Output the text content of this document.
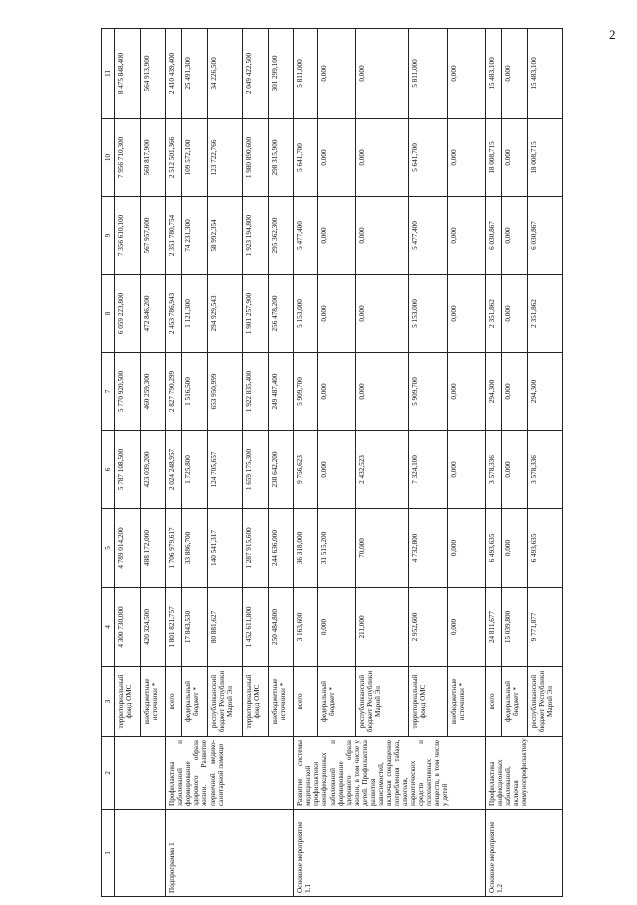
2
1	2	3	4	5	6	7	8	9	10	11
		территориальный фонд ОМС	4 300 730,000	4 789 014,200	5 787 108,500	5 770 920,500	6 059 223,800	7 356 610,100	7 956 710,300	8 475 848,400
		внебюджетные источники *	420 324,500	488 172,000	423 039,200	460 259,300	472 846,200	567 957,600	560 817,900	564 913,900
Подпрограмма 1	Профилактика заболеваний и формирование здорового образа жизни. Развитие первичной медико-санитарной помощи	всего	1 801 821,757	1 706 979,617	2 024 248,957	2 827 790,299	2 453 786,943	2 351 780,754	2 512 501,366	2 410 439,400
		федеральный бюджет *	17 843,530	33 886,700	1 725,800	1 516,500	1 121,300	74 231,300	109 572,100	25 491,300
		республиканский бюджет Республики Марий Эл	80 881,627	140 541,317	124 705,657	653 950,999	294 929,543	58 992,354	123 722,766	34 226,500
		территориальный фонд ОМС	1 452 611,800	1 287 915,600	1 659 175,300	1 922 835,400	1 901 257,900	1 923 194,800	1 980 890,600	2 049 422,500
		внебюджетные источники *	250 484,800	244 636,000	238 642,200	249 487,400	256 478,200	295 362,300	298 315,900	301 299,100
Основное мероприятие 1.1	Развитие системы медицинской профилактики неинфекционных заболеваний и формирование здорового образа жизни, в том числе у детей. Профилактика развития зависимостей, включая сокращение потребления табака, алкоголя, наркотических средств и психоактивных веществ, в том числе у детей	всего	3 163,600	36 318,000	9 756,623	5 909,700	5 153,000	5 477,400	5 641,700	5 811,000
		федеральный бюджет *	0,000	31 515,200	0,000	0,000	0,000	0,000	0,000	0,000
		республиканский бюджет Республики Марий Эл	211,000	70,000	2 432,523	0,000	0,000	0,000	0,000	0,000
		территориальный фонд ОМС	2 952,600	4 732,800	7 324,100	5 909,700	5 153,000	5 477,400	5 641,700	5 811,000
		внебюджетные источники *	0,000	0,000	0,000	0,000	0,000	0,000	0,000	0,000
Основное мероприятие 1.2	Профилактика инфекционных заболеваний, включая иммунопрофилактику	всего	24 811,677	6 493,635	3 578,336	294,300	2 351,862	6 030,867	18 008,715	15 483,100
		федеральный бюджет *	15 039,800	0,000	0,000	0,000	0,000	0,000	0,000	0,000
		республиканский бюджет Республики Марий Эл	9 771,877	6 493,635	3 578,336	294,300	2 351,862	6 030,867	18 008,715	15 483,100
